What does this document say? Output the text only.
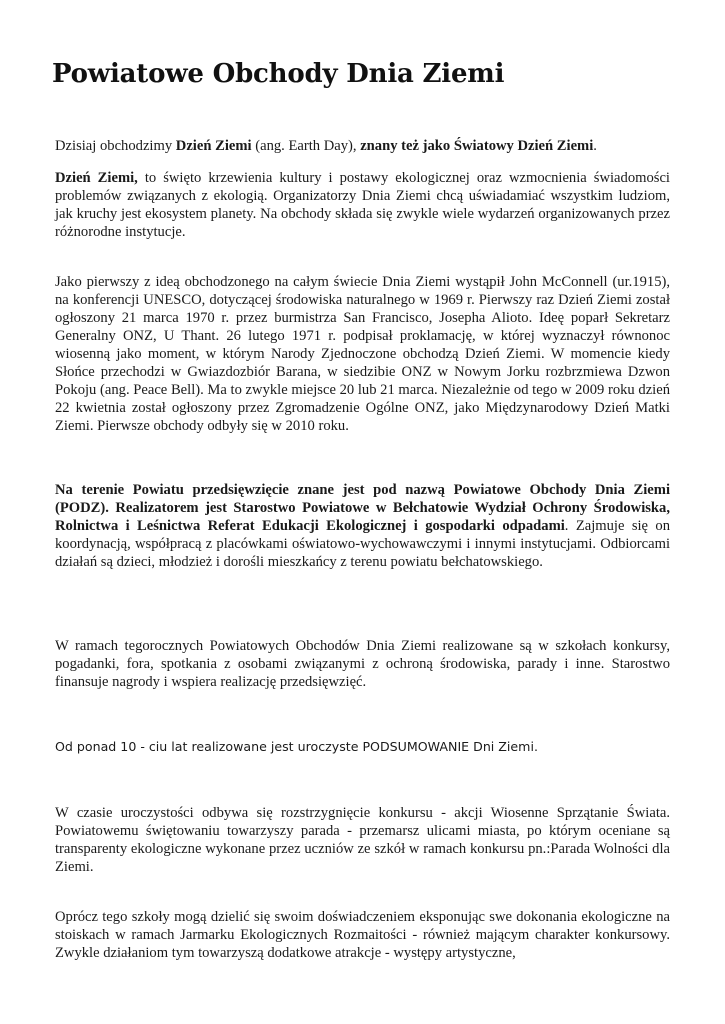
Powiatowe Obchody Dnia Ziemi

Dzisiaj obchodzimy Dzień Ziemi (ang. Earth Day), znany też jako Światowy Dzień Ziemi.

Dzień Ziemi, to święto krzewienia kultury i postawy ekologicznej oraz wzmocnienia świadomości problemów związanych z ekologią. Organizatorzy Dnia Ziemi chcą uświadamiać wszystkim ludziom, jak kruchy jest ekosystem planety. Na obchody składa się zwykle wiele wydarzeń organizowanych przez różnorodne instytucje.

Jako pierwszy z ideą obchodzonego na całym świecie Dnia Ziemi wystąpił John McConnell (ur.1915), na konferencji UNESCO, dotyczącej środowiska naturalnego w 1969 r. Pierwszy raz Dzień Ziemi został ogłoszony 21 marca 1970 r. przez burmistrza San Francisco, Josepha Alioto. Ideę poparł Sekretarz Generalny ONZ, U Thant. 26 lutego 1971 r. podpisał proklamację, w której wyznaczył równonoc wiosenną jako moment, w którym Narody Zjednoczone obchodzą Dzień Ziemi. W momencie kiedy Słońce przechodzi w Gwiazdozbiór Barana, w siedzibie ONZ w Nowym Jorku rozbrzmiewa Dzwon Pokoju (ang. Peace Bell). Ma to zwykle miejsce 20 lub 21 marca. Niezależnie od tego w 2009 roku dzień 22 kwietnia został ogłoszony przez Zgromadzenie Ogólne ONZ, jako Międzynarodowy Dzień Matki Ziemi. Pierwsze obchody odbyły się w 2010 roku.

Na terenie Powiatu przedsięwzięcie znane jest pod nazwą Powiatowe Obchody Dnia Ziemi (PODZ). Realizatorem jest Starostwo Powiatowe w Bełchatowie Wydział Ochrony Środowiska, Rolnictwa i Leśnictwa Referat Edukacji Ekologicznej i gospodarki odpadami. Zajmuje się on koordynacją, współpracą z placówkami oświatowo-wychowawczymi i innymi instytucjami. Odbiorcami działań są dzieci, młodzież i dorośli mieszkańcy z terenu powiatu bełchatowskiego.

W ramach tegorocznych Powiatowych Obchodów Dnia Ziemi realizowane są w szkołach konkursy, pogadanki, fora, spotkania z osobami związanymi z ochroną środowiska, parady i inne. Starostwo finansuje nagrody i wspiera realizację przedsięwzięć.

Od ponad 10 - ciu lat realizowane jest uroczyste PODSUMOWANIE Dni Ziemi.

W czasie uroczystości odbywa się rozstrzygnięcie konkursu - akcji Wiosenne Sprzątanie Świata. Powiatowemu świętowaniu towarzyszy parada - przemarsz ulicami miasta, po którym oceniane są transparenty ekologiczne wykonane przez uczniów ze szkół w ramach konkursu pn.:Parada Wolności dla Ziemi.

Oprócz tego szkoły mogą dzielić się swoim doświadczeniem eksponując swe dokonania ekologiczne na stoiskach w ramach Jarmarku Ekologicznych Rozmaitości - również mającym charakter konkursowy. Zwykle działaniom tym towarzyszą dodatkowe atrakcje - występy artystyczne,
